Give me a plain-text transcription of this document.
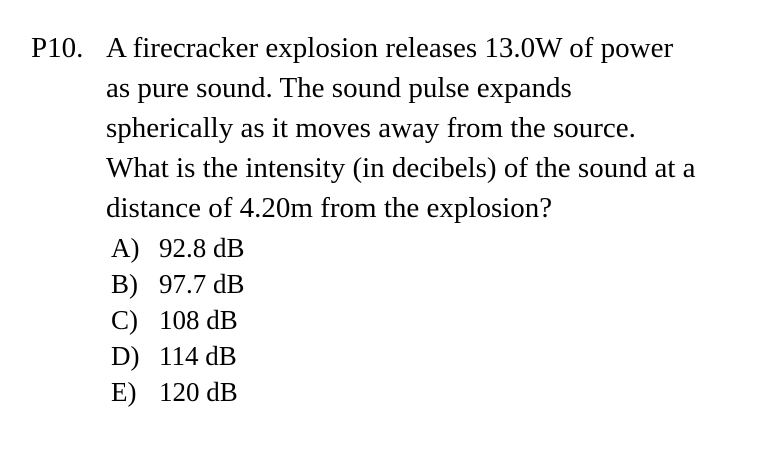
P10. A firecracker explosion releases 13.0W of power
as pure sound. The sound pulse expands
spherically as it moves away from the source.
What is the intensity (in decibels) of the sound at a
distance of 4.20m from the explosion?
A) 92.8 dB
B) 97.7 dB
C) 108 dB
D) 114 dB
E) 120 dB
